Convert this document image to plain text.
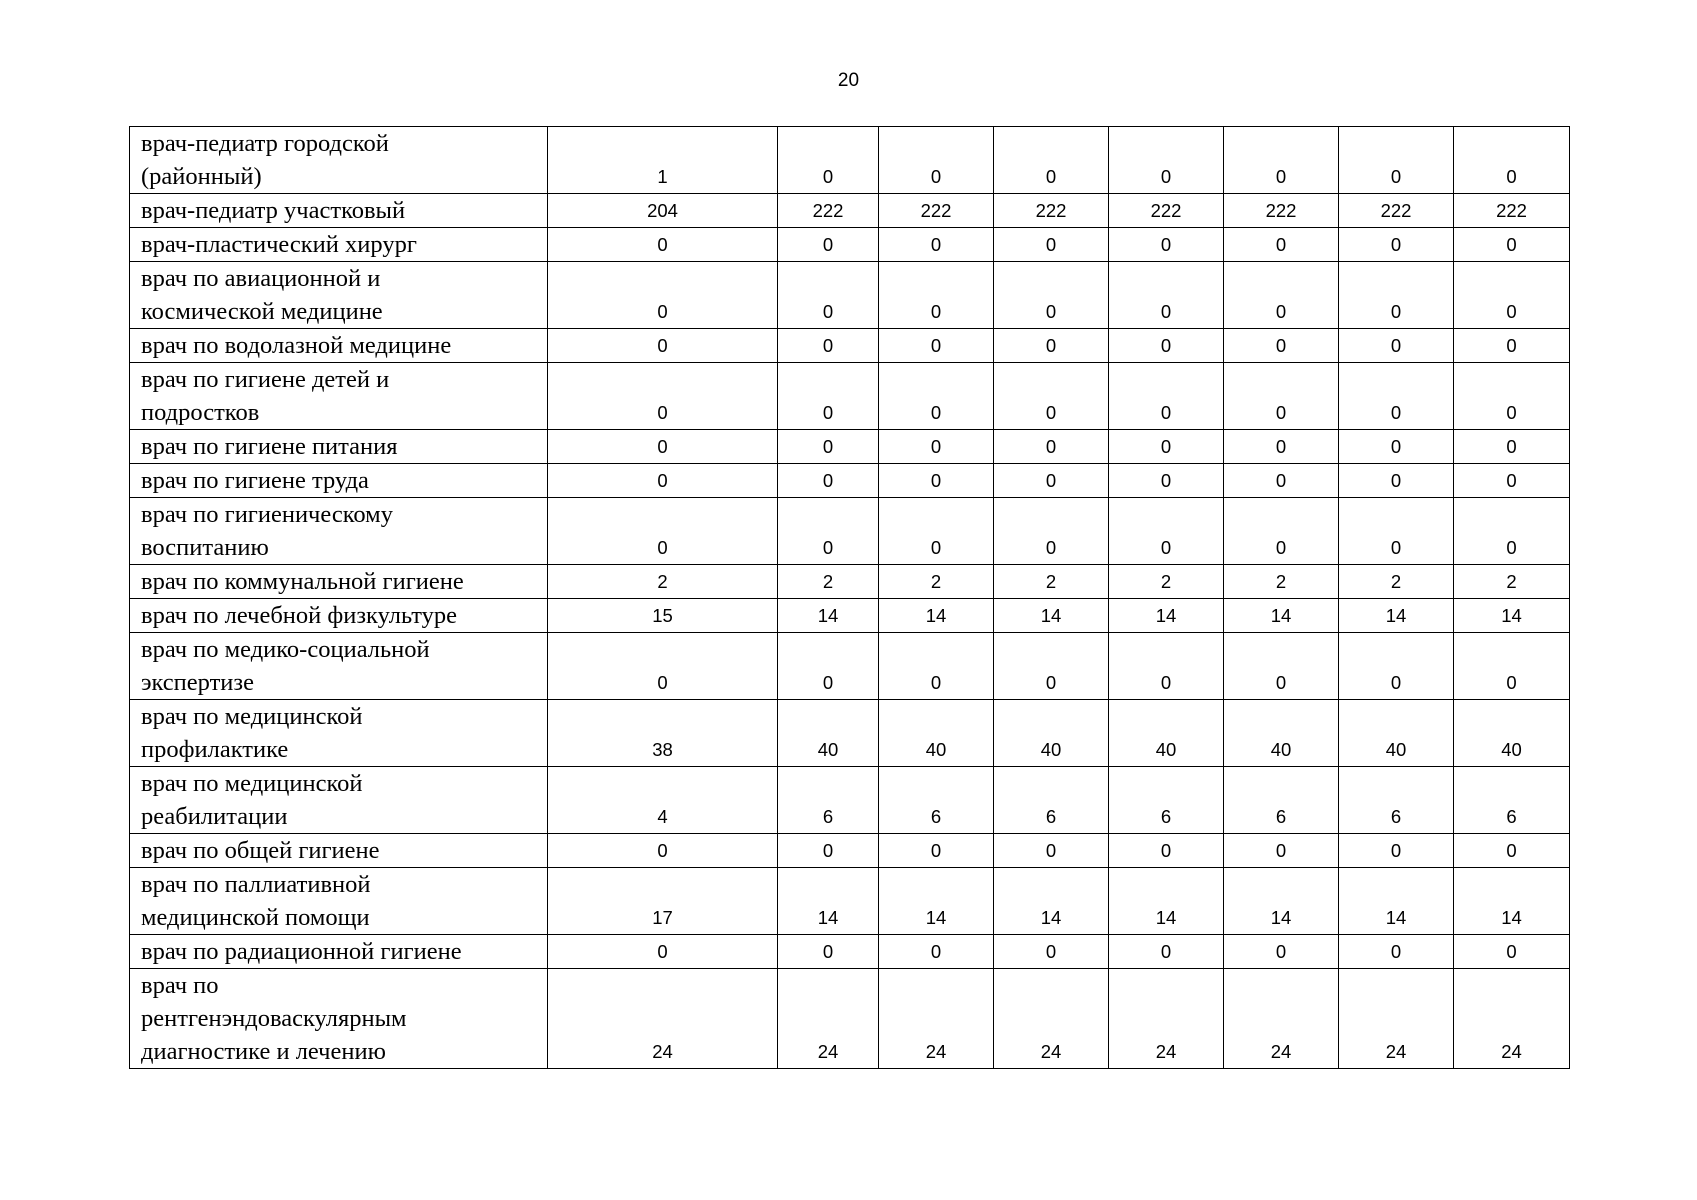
20
врач-педиатр городской
(районный)	1	0	0	0	0	0	0	0

врач-педиатр участковый	204	222	222	222	222	222	222	222

врач-пластический хирург	0	0	0	0	0	0	0	0

врач по авиационной и
космической медицине	0	0	0	0	0	0	0	0

врач по водолазной медицине	0	0	0	0	0	0	0	0

врач по гигиене детей и
подростков	0	0	0	0	0	0	0	0

врач по гигиене питания	0	0	0	0	0	0	0	0

врач по гигиене труда	0	0	0	0	0	0	0	0

врач по гигиеническому
воспитанию	0	0	0	0	0	0	0	0

врач по коммунальной гигиене	2	2	2	2	2	2	2	2

врач по лечебной физкультуре	15	14	14	14	14	14	14	14

врач по медико-социальной
экспертизе	0	0	0	0	0	0	0	0

врач по медицинской
профилактике	38	40	40	40	40	40	40	40

врач по медицинской
реабилитации	4	6	6	6	6	6	6	6

врач по общей гигиене	0	0	0	0	0	0	0	0

врач по паллиативной
медицинской помощи	17	14	14	14	14	14	14	14

врач по радиационной гигиене	0	0	0	0	0	0	0	0

врач по
рентгенэндоваскулярным
диагностике и лечению	24	24	24	24	24	24	24	24
